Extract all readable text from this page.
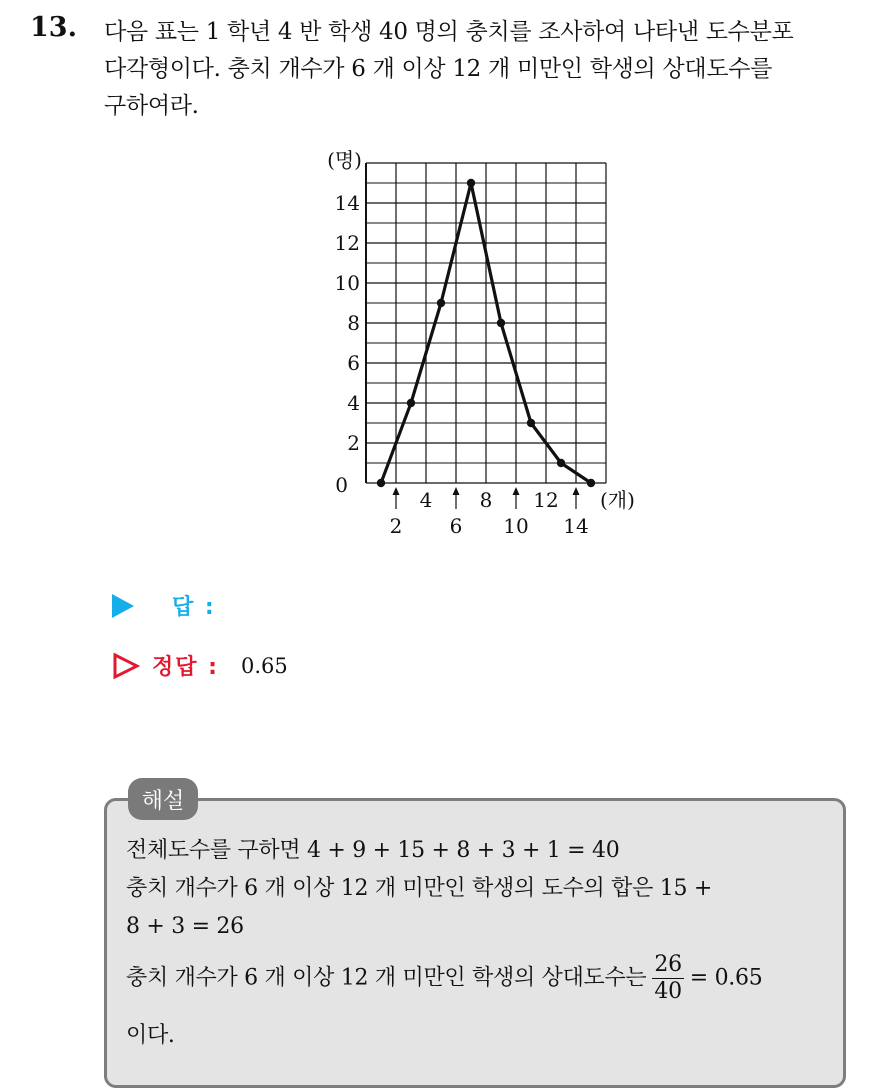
13. 다음 표는 1 학년 4 반 학생 40 명의 충치를 조사하여 나타낸 도수분포
다각형이다. 충치 개수가 6 개 이상 12 개 미만인 학생의 상대도수를
구하여라.
(명)
2
4
6
8
10
12
14
0
4 8 12
2 6 10 14
(개)
답 :
정답 : 0.65
해설
전체도수를 구하면 4 + 9 + 15 + 8 + 3 + 1 = 40
충치 개수가 6 개 이상 12 개 미만인 학생의 도수의 합은 15 +
8 + 3 = 26
충치 개수가 6 개 이상 12 개 미만인 학생의 상대도수는 $\frac{26}{40} = 0.65$
이다.
